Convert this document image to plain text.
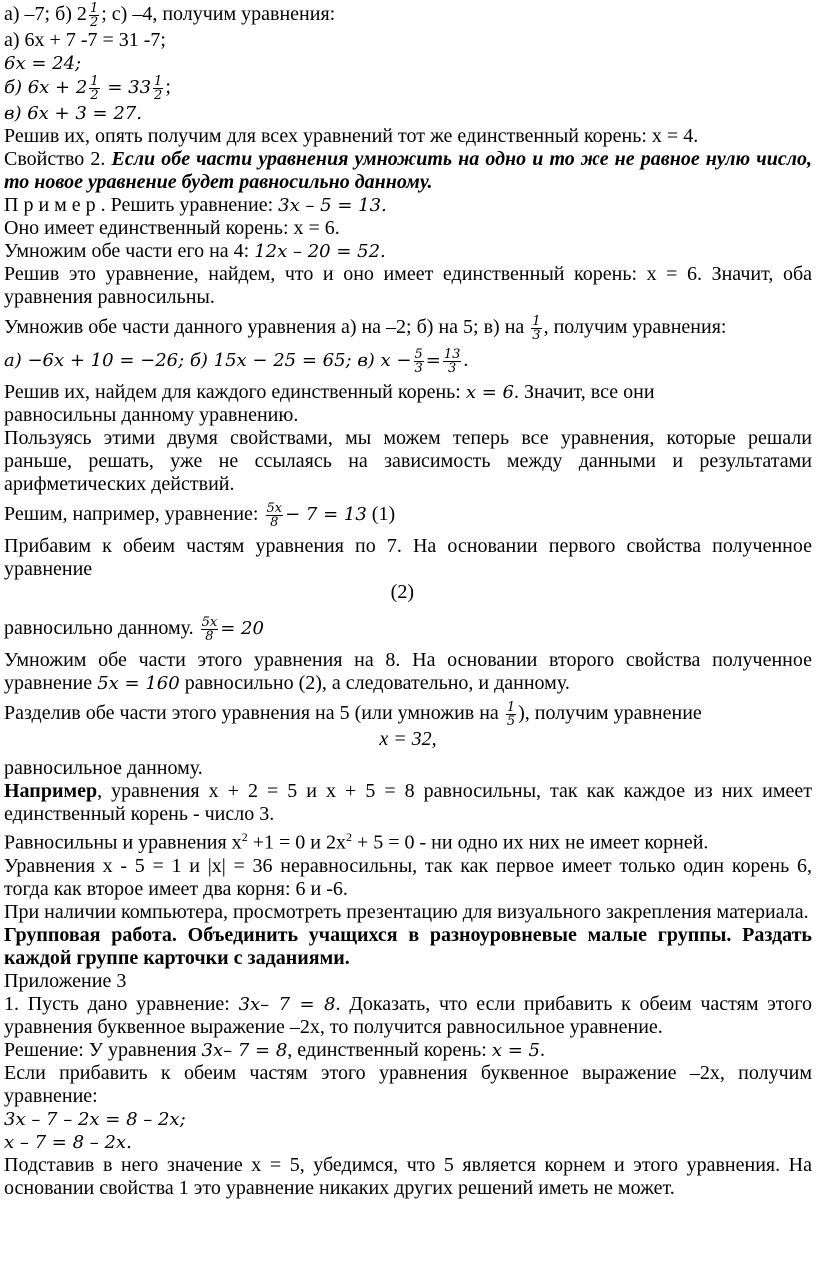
а) –7; б) $2 \frac{1}{2}$ ; с) –4, получим уравнения:

а) 6x + 7 -7 = 31 -7;

6𝑥 = 24;

б) 6𝑥 + $2 \frac{1}{2} = 33 \frac{1}{2}$ ;

в) 6𝑥 + 3 = 27.

Решив их, опять получим для всех уравнений тот же единственный корень: x = 4.

Свойство 2. Если обе части уравнения умножить на одно и то же не равное нулю число, то новое уравнение будет равносильно данному.

П р и м е р . Решить уравнение: 3𝑥 – 5 = 13.

Оно имеет единственный корень: x = 6.

Умножим обе части его на 4: 12𝑥 – 20 = 52.

Решив это уравнение, найдем, что и оно имеет единственный корень: x = 6. Значит, оба уравнения равносильны.

Умножив обе части данного уравнения а) на –2; б) на 5; в) на $\frac{1}{3}$ , получим уравнения:

а) −6𝑥 + 10 = −26; б) 15𝑥 − 25 = 65; в) 𝑥 − $\frac{5}{3} = \frac{13}{3}$ .

Решив их, найдем для каждого единственный корень: 𝑥 = 6. Значит, все они

равносильны данному уравнению.

Пользуясь этими двумя свойствами, мы можем теперь все уравнения, которые решали раньше, решать, уже не ссылаясь на зависимость между данными и результатами арифметических действий.

Решим, например, уравнение: $\frac{\text{5𝑥}}{8} - 7 = 13$ (1)

Прибавим к обеим частям уравнения по 7. На основании первого свойства полученное уравнение

(2)

равносильно данному. $\frac{\text{5𝑥}}{8} = 20$

Умножим обе части этого уравнения на 8. На основании второго свойства полученное уравнение 5𝑥 = 160 равносильно (2), а следовательно, и данному.

Разделив обе части этого уравнения на 5 (или умножив на $\frac{1}{5}$ ), получим уравнение

x = 32,

равносильное данному.

Например, уравнения x + 2 = 5 и x + 5 = 8 равносильны, так как каждое из них имеет единственный корень - число 3.

Равносильны и уравнения $x^2 +1 = 0$ и $2x^2 + 5 = 0$ - ни одно их них не имеет корней.

Уравнения x - 5 = 1 и |x| = 36 неравносильны, так как первое имеет только один корень 6, тогда как второе имеет два корня: 6 и -6.

При наличии компьютера, просмотреть презентацию для визуального закрепления материала.

Групповая работа. Объединить учащихся в разноуровневые малые группы. Раздать каждой группе карточки с заданиями.

Приложение 3

1. Пусть дано уравнение: 3𝑥– 7 = 8. Доказать, что если прибавить к обеим частям этого уравнения буквенное выражение –2x, то получится равносильное уравнение.

Решение: У уравнения 3𝑥– 7 = 8, единственный корень: 𝑥 = 5.

Если прибавить к обеим частям этого уравнения буквенное выражение –2x, получим уравнение:

3𝑥 – 7 – 2𝑥 = 8 – 2𝑥;

𝑥 – 7 = 8 – 2𝑥.

Подставив в него значение x = 5, убедимся, что 5 является корнем и этого уравнения. На основании свойства 1 это уравнение никаких других решений иметь не может.
